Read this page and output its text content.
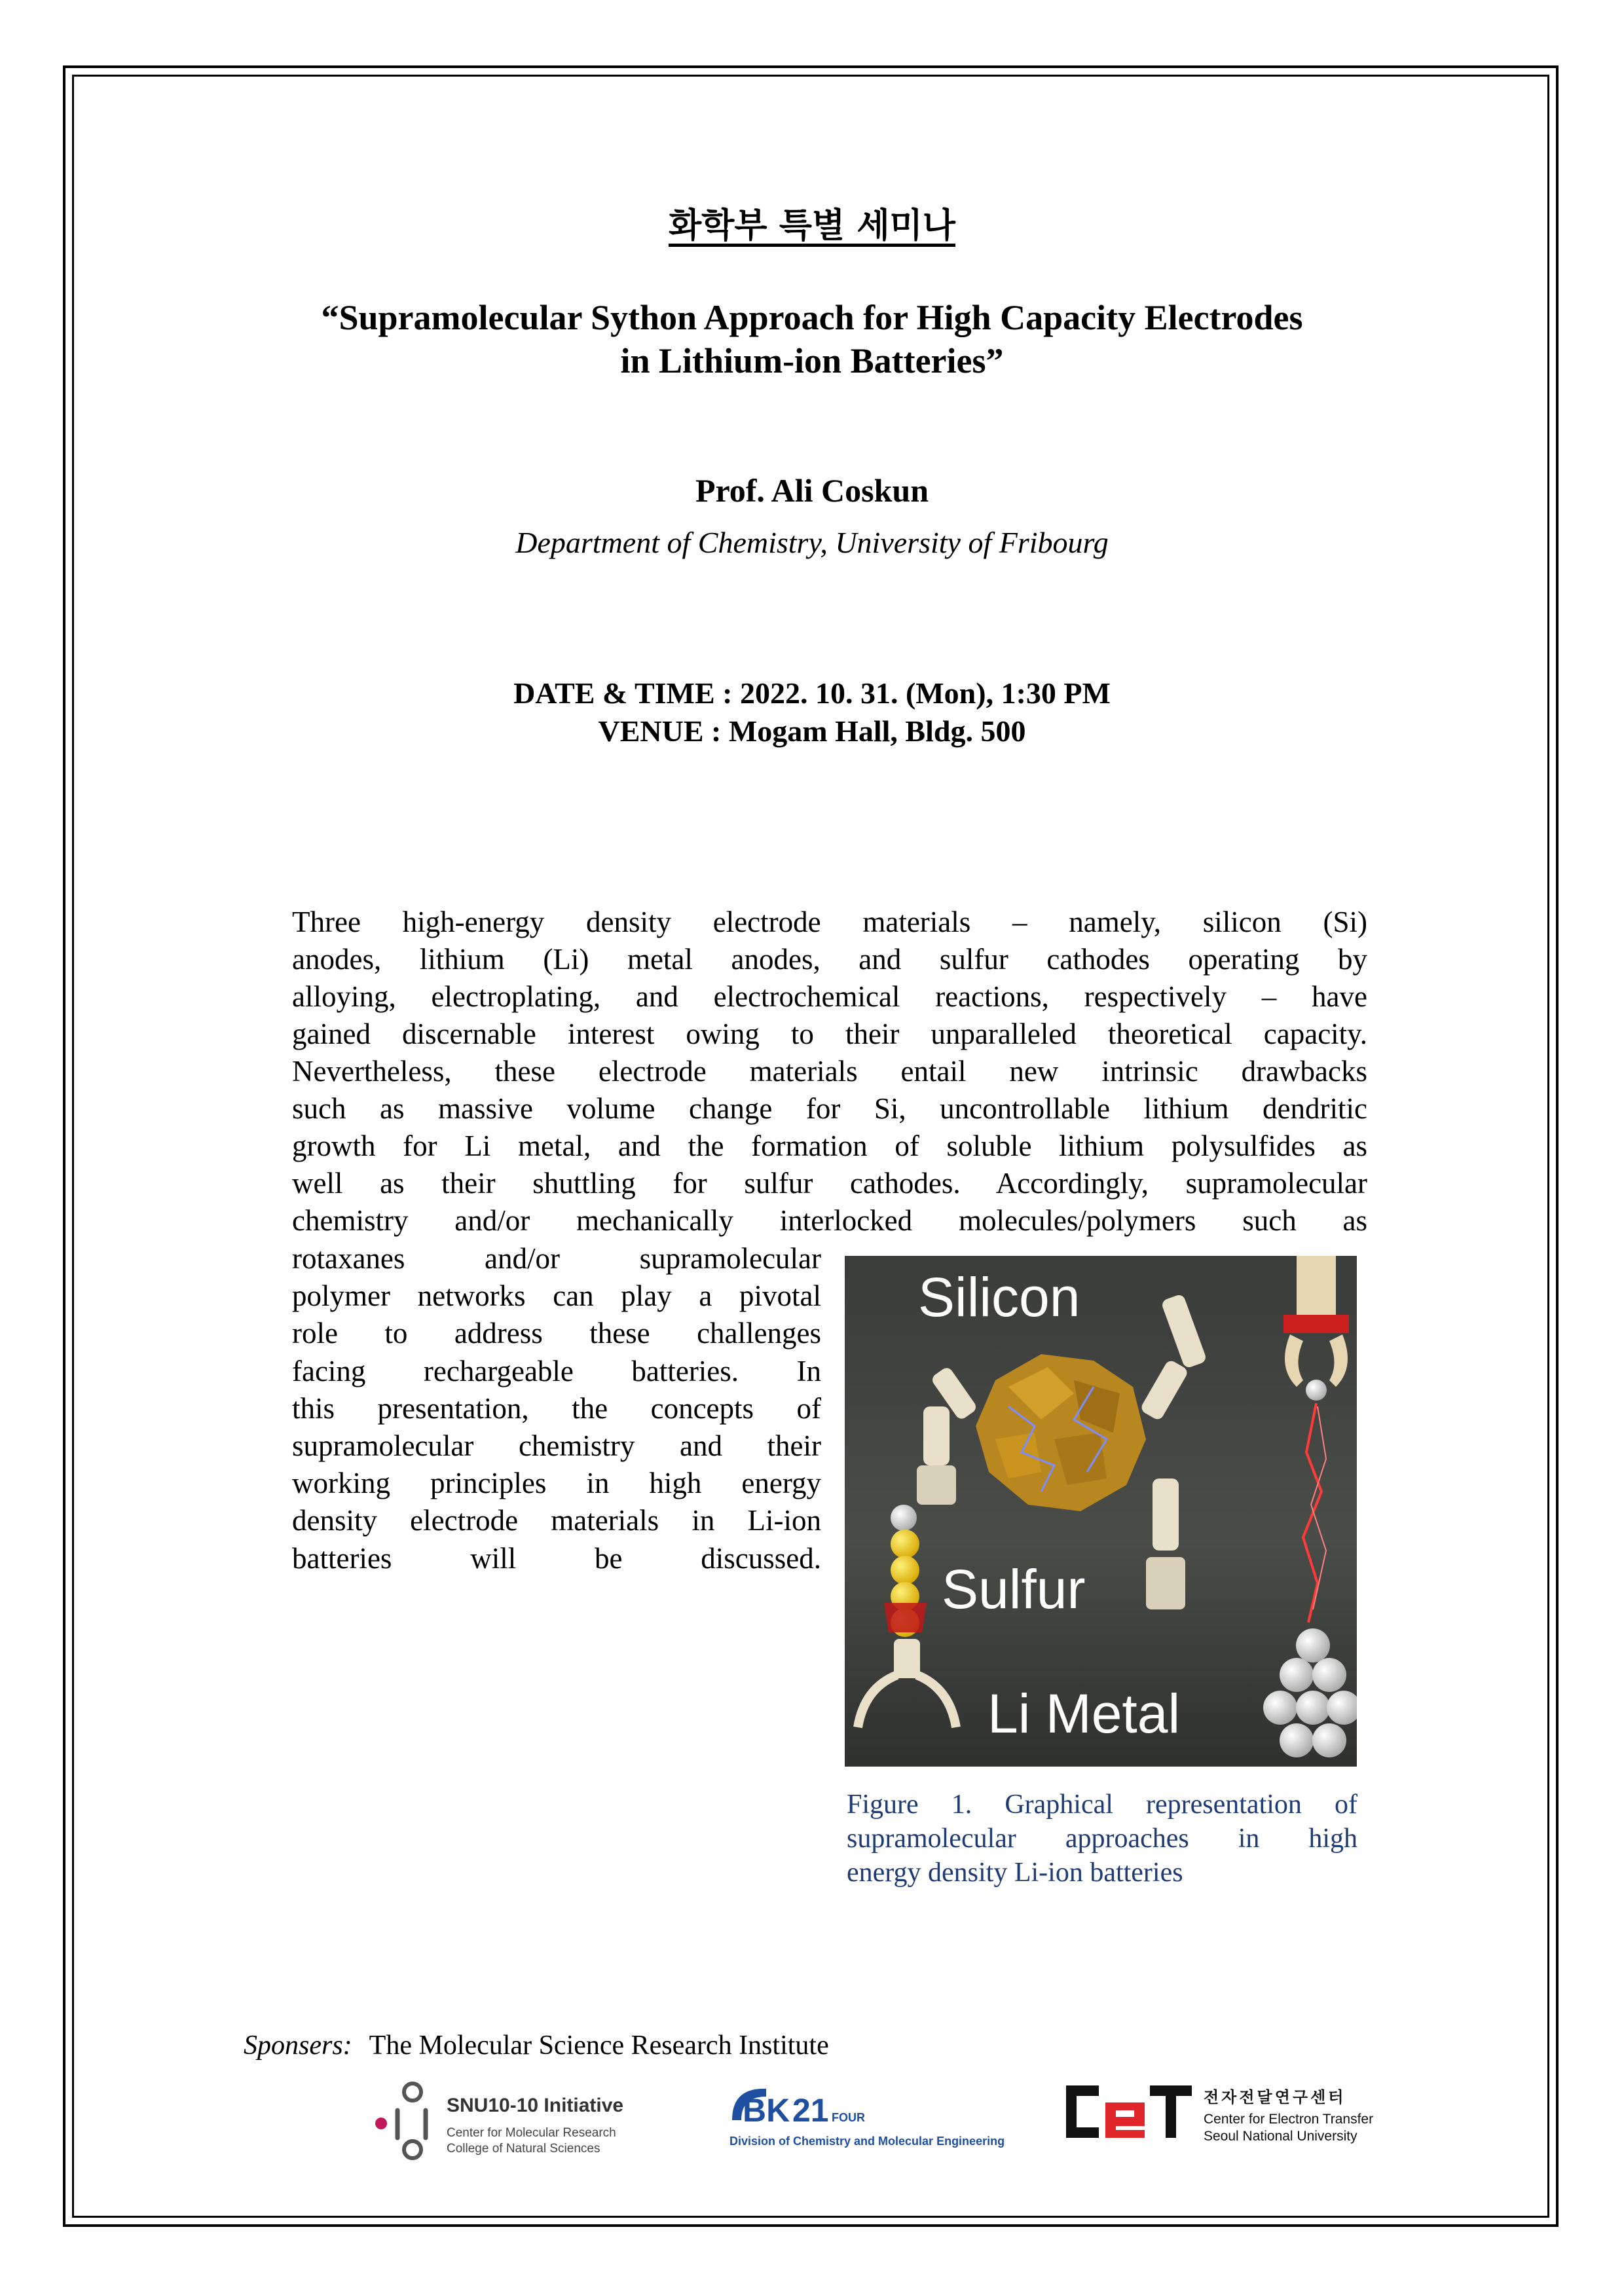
화학부 특별 세미나
“Supramolecular Sython Approach for High Capacity Electrodes
in Lithium-ion Batteries”
Prof. Ali Coskun
Department of Chemistry, University of Fribourg
DATE & TIME : 2022. 10. 31. (Mon), 1:30 PM
VENUE : Mogam Hall, Bldg. 500
Three high-energy density electrode materials – namely, silicon (Si)
anodes, lithium (Li) metal anodes, and sulfur cathodes operating by
alloying, electroplating, and electrochemical reactions, respectively – have
gained discernable interest owing to their unparalleled theoretical capacity.
Nevertheless, these electrode materials entail new intrinsic drawbacks
such as massive volume change for Si, uncontrollable lithium dendritic
growth for Li metal, and the formation of soluble lithium polysulfides as
well as their shuttling for sulfur cathodes. Accordingly, supramolecular
chemistry and/or mechanically interlocked molecules/polymers such as
rotaxanes and/or supramolecular
polymer networks can play a pivotal
role to address these challenges
facing rechargeable batteries. In
this presentation, the concepts of
supramolecular chemistry and their
working principles in high energy
density electrode materials in Li-ion
batteries will be discussed.
Silicon
Sulfur
Li Metal
Figure 1. Graphical representation of
supramolecular approaches in high
energy density Li-ion batteries
Sponsers: The Molecular Science Research Institute
SNU10-10 Initiative
Center for Molecular Research
College of Natural Sciences
BK 21 FOUR
Division of Chemistry and Molecular Engineering
전자전달연구센터
Center for Electron Transfer
Seoul National University
